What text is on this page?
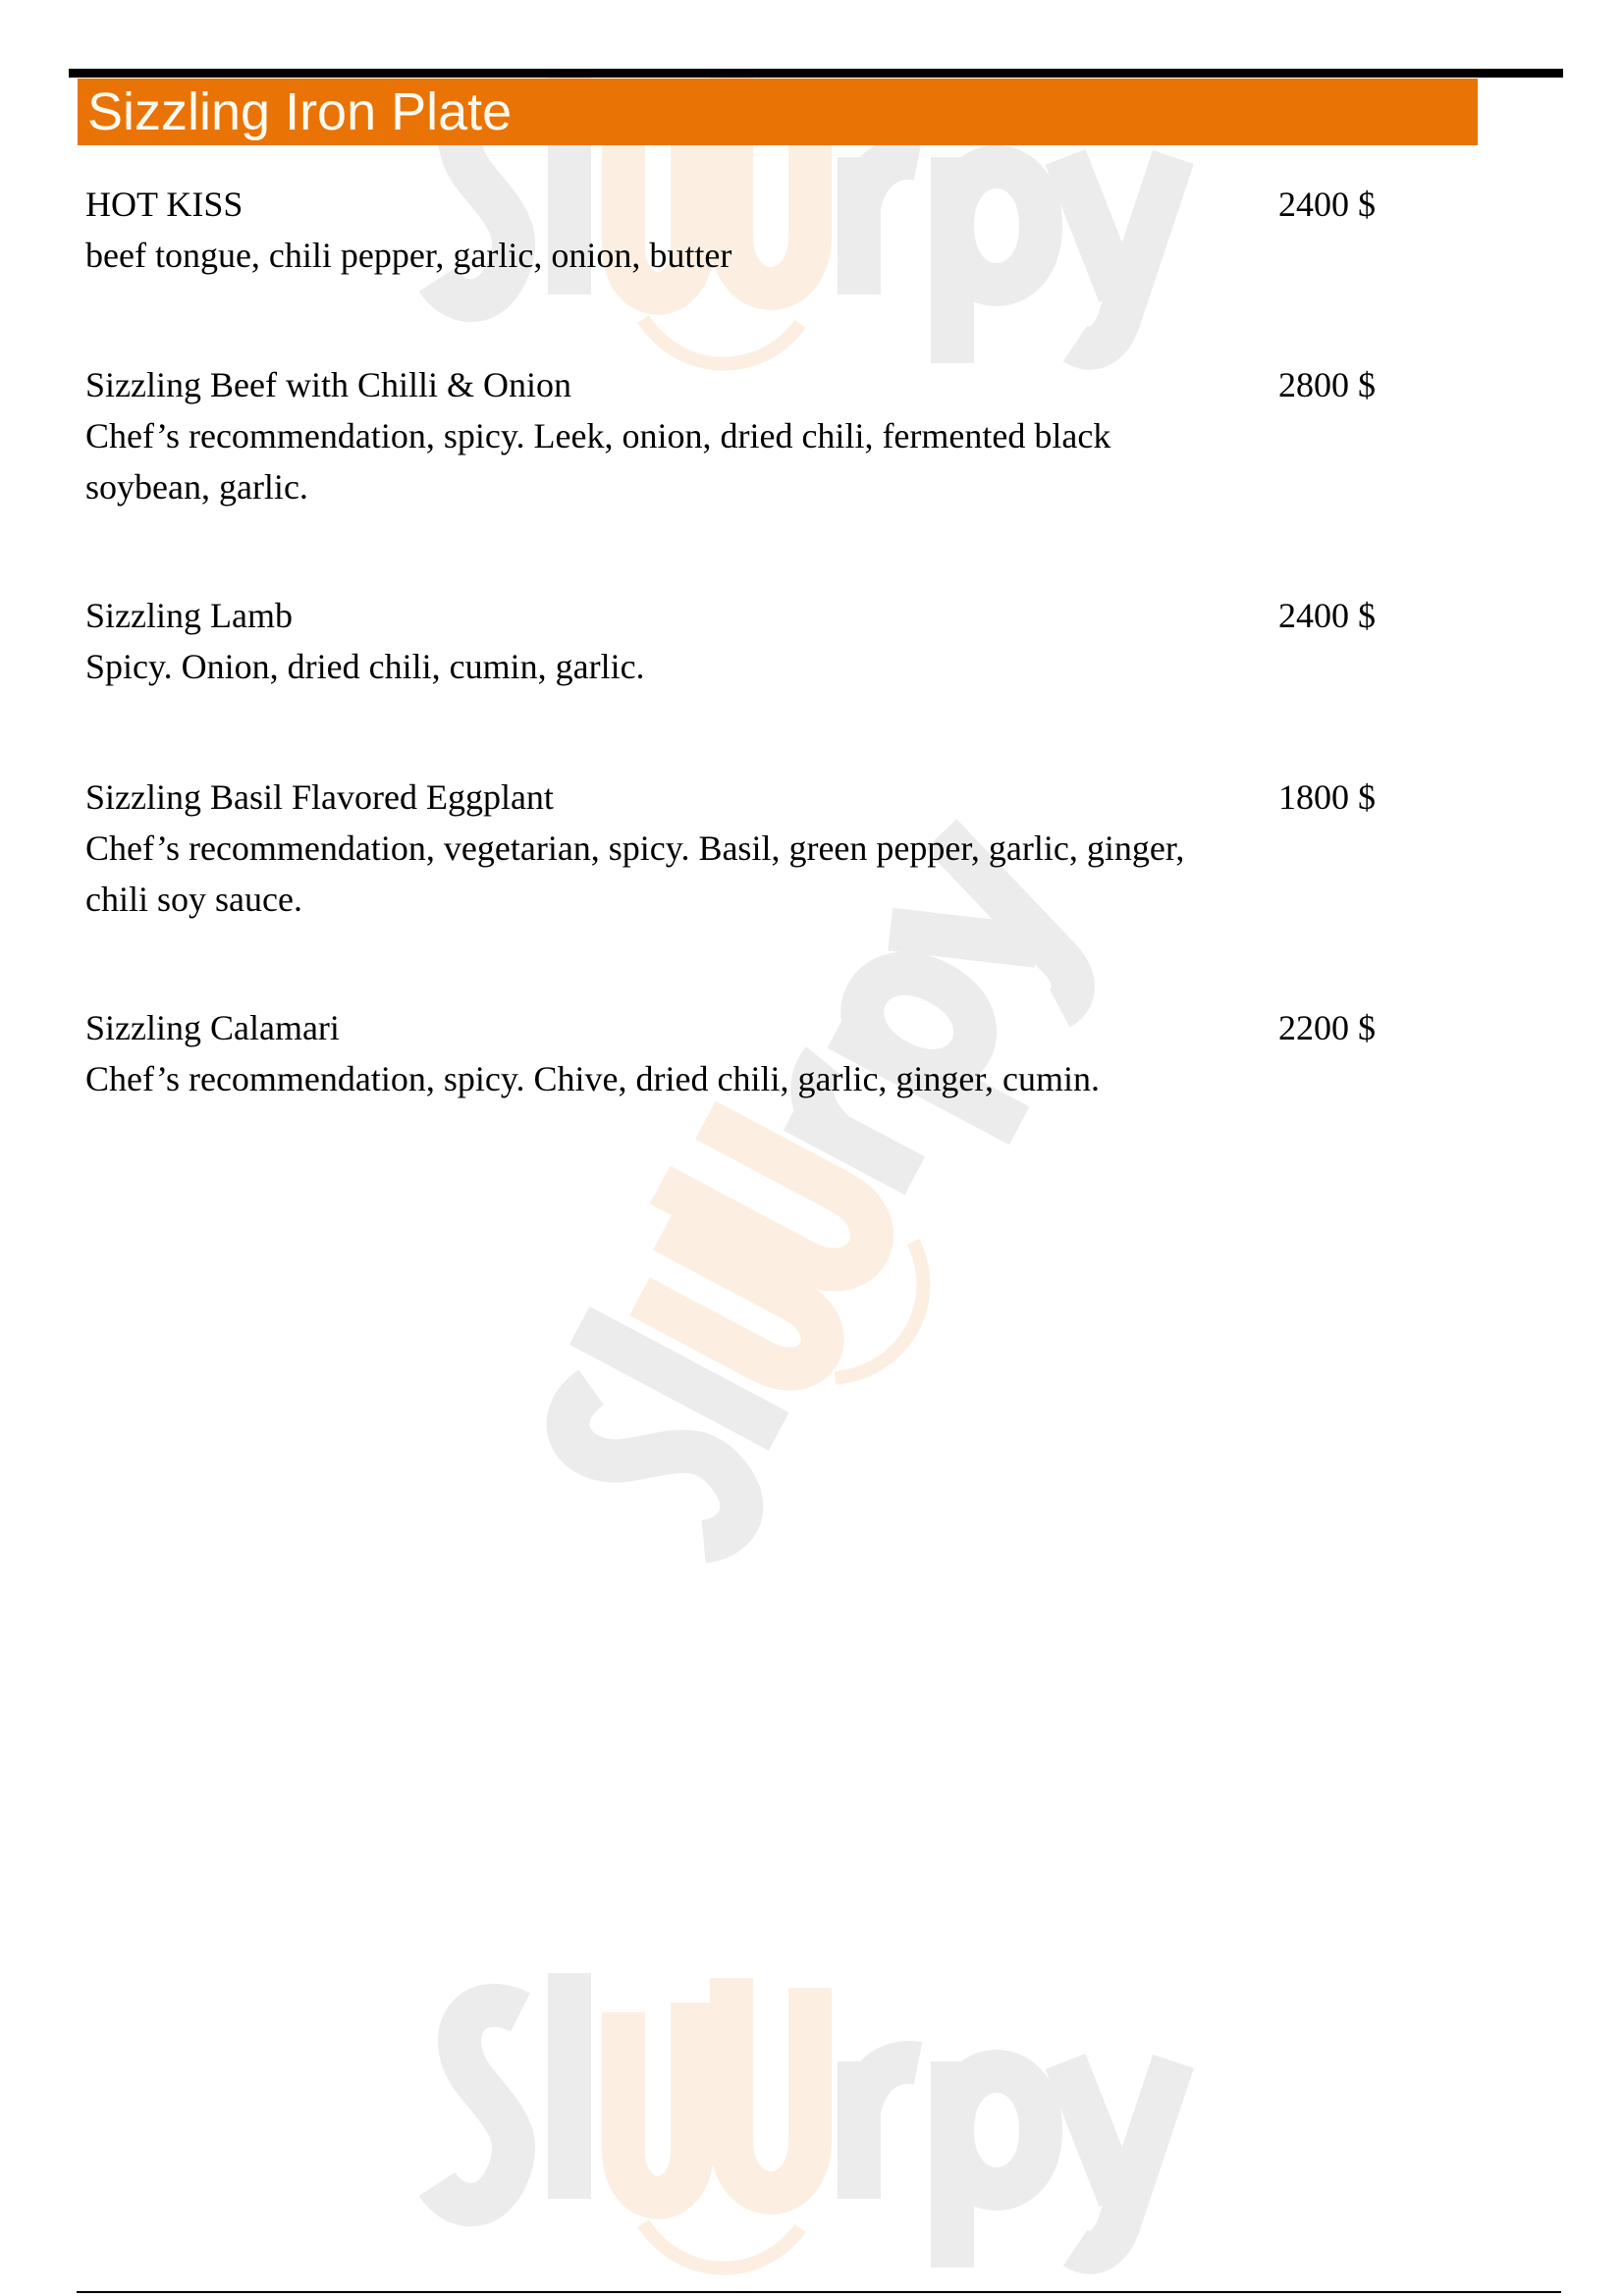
Sizzling Iron Plate
HOT KISS
beef tongue, chili pepper, garlic, onion, butter
2400 $
Sizzling Beef with Chilli & Onion
Chef’s recommendation, spicy. Leek, onion, dried chili, fermented black soybean, garlic.
2800 $
Sizzling Lamb
Spicy. Onion, dried chili, cumin, garlic.
2400 $
Sizzling Basil Flavored Eggplant
Chef’s recommendation, vegetarian, spicy. Basil, green pepper, garlic, ginger, chili soy sauce.
1800 $
Sizzling Calamari
Chef’s recommendation, spicy. Chive, dried chili, garlic, ginger, cumin.
2200 $
